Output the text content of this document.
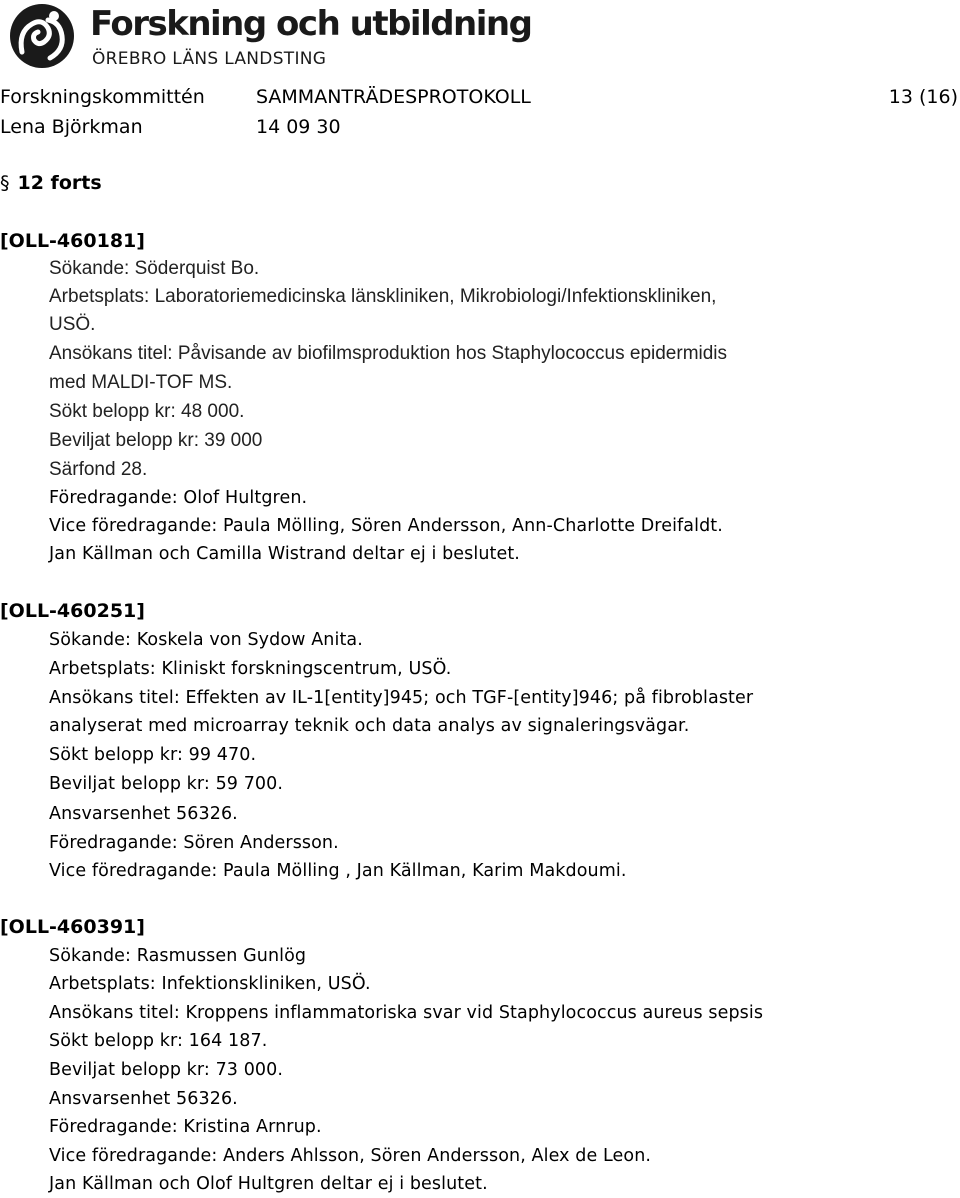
Forskning och utbildning
ÖREBRO LÄNS LANDSTING
Forskningskommittén	SAMMANTRÄDESPROTOKOLL	13 (16)
Lena Björkman	14 09 30
§ 12 forts
[OLL-460181]
Sökande: Söderquist Bo.
Arbetsplats: Laboratoriemedicinska länskliniken, Mikrobiologi/Infektionskliniken,
USÖ.
Ansökans titel: Påvisande av biofilmsproduktion hos Staphylococcus epidermidis
med MALDI-TOF MS.
Sökt belopp kr: 48 000.
Beviljat belopp kr: 39 000
Särfond 28.
Föredragande: Olof Hultgren.
Vice föredragande: Paula Mölling, Sören Andersson, Ann-Charlotte Dreifaldt.
Jan Källman och Camilla Wistrand deltar ej i beslutet.
[OLL-460251]
Sökande: Koskela von Sydow Anita.
Arbetsplats: Kliniskt forskningscentrum, USÖ.
Ansökans titel: Effekten av IL-1[entity]945; och TGF-[entity]946; på fibroblaster
analyserat med microarray teknik och data analys av signaleringsvägar.
Sökt belopp kr: 99 470.
Beviljat belopp kr: 59 700.
Ansvarsenhet 56326.
Föredragande: Sören Andersson.
Vice föredragande: Paula Mölling , Jan Källman, Karim Makdoumi.
[OLL-460391]
Sökande: Rasmussen Gunlög
Arbetsplats: Infektionskliniken, USÖ.
Ansökans titel: Kroppens inflammatoriska svar vid Staphylococcus aureus sepsis
Sökt belopp kr: 164 187.
Beviljat belopp kr: 73 000.
Ansvarsenhet 56326.
Föredragande: Kristina Arnrup.
Vice föredragande: Anders Ahlsson, Sören Andersson, Alex de Leon.
Jan Källman och Olof Hultgren deltar ej i beslutet.
